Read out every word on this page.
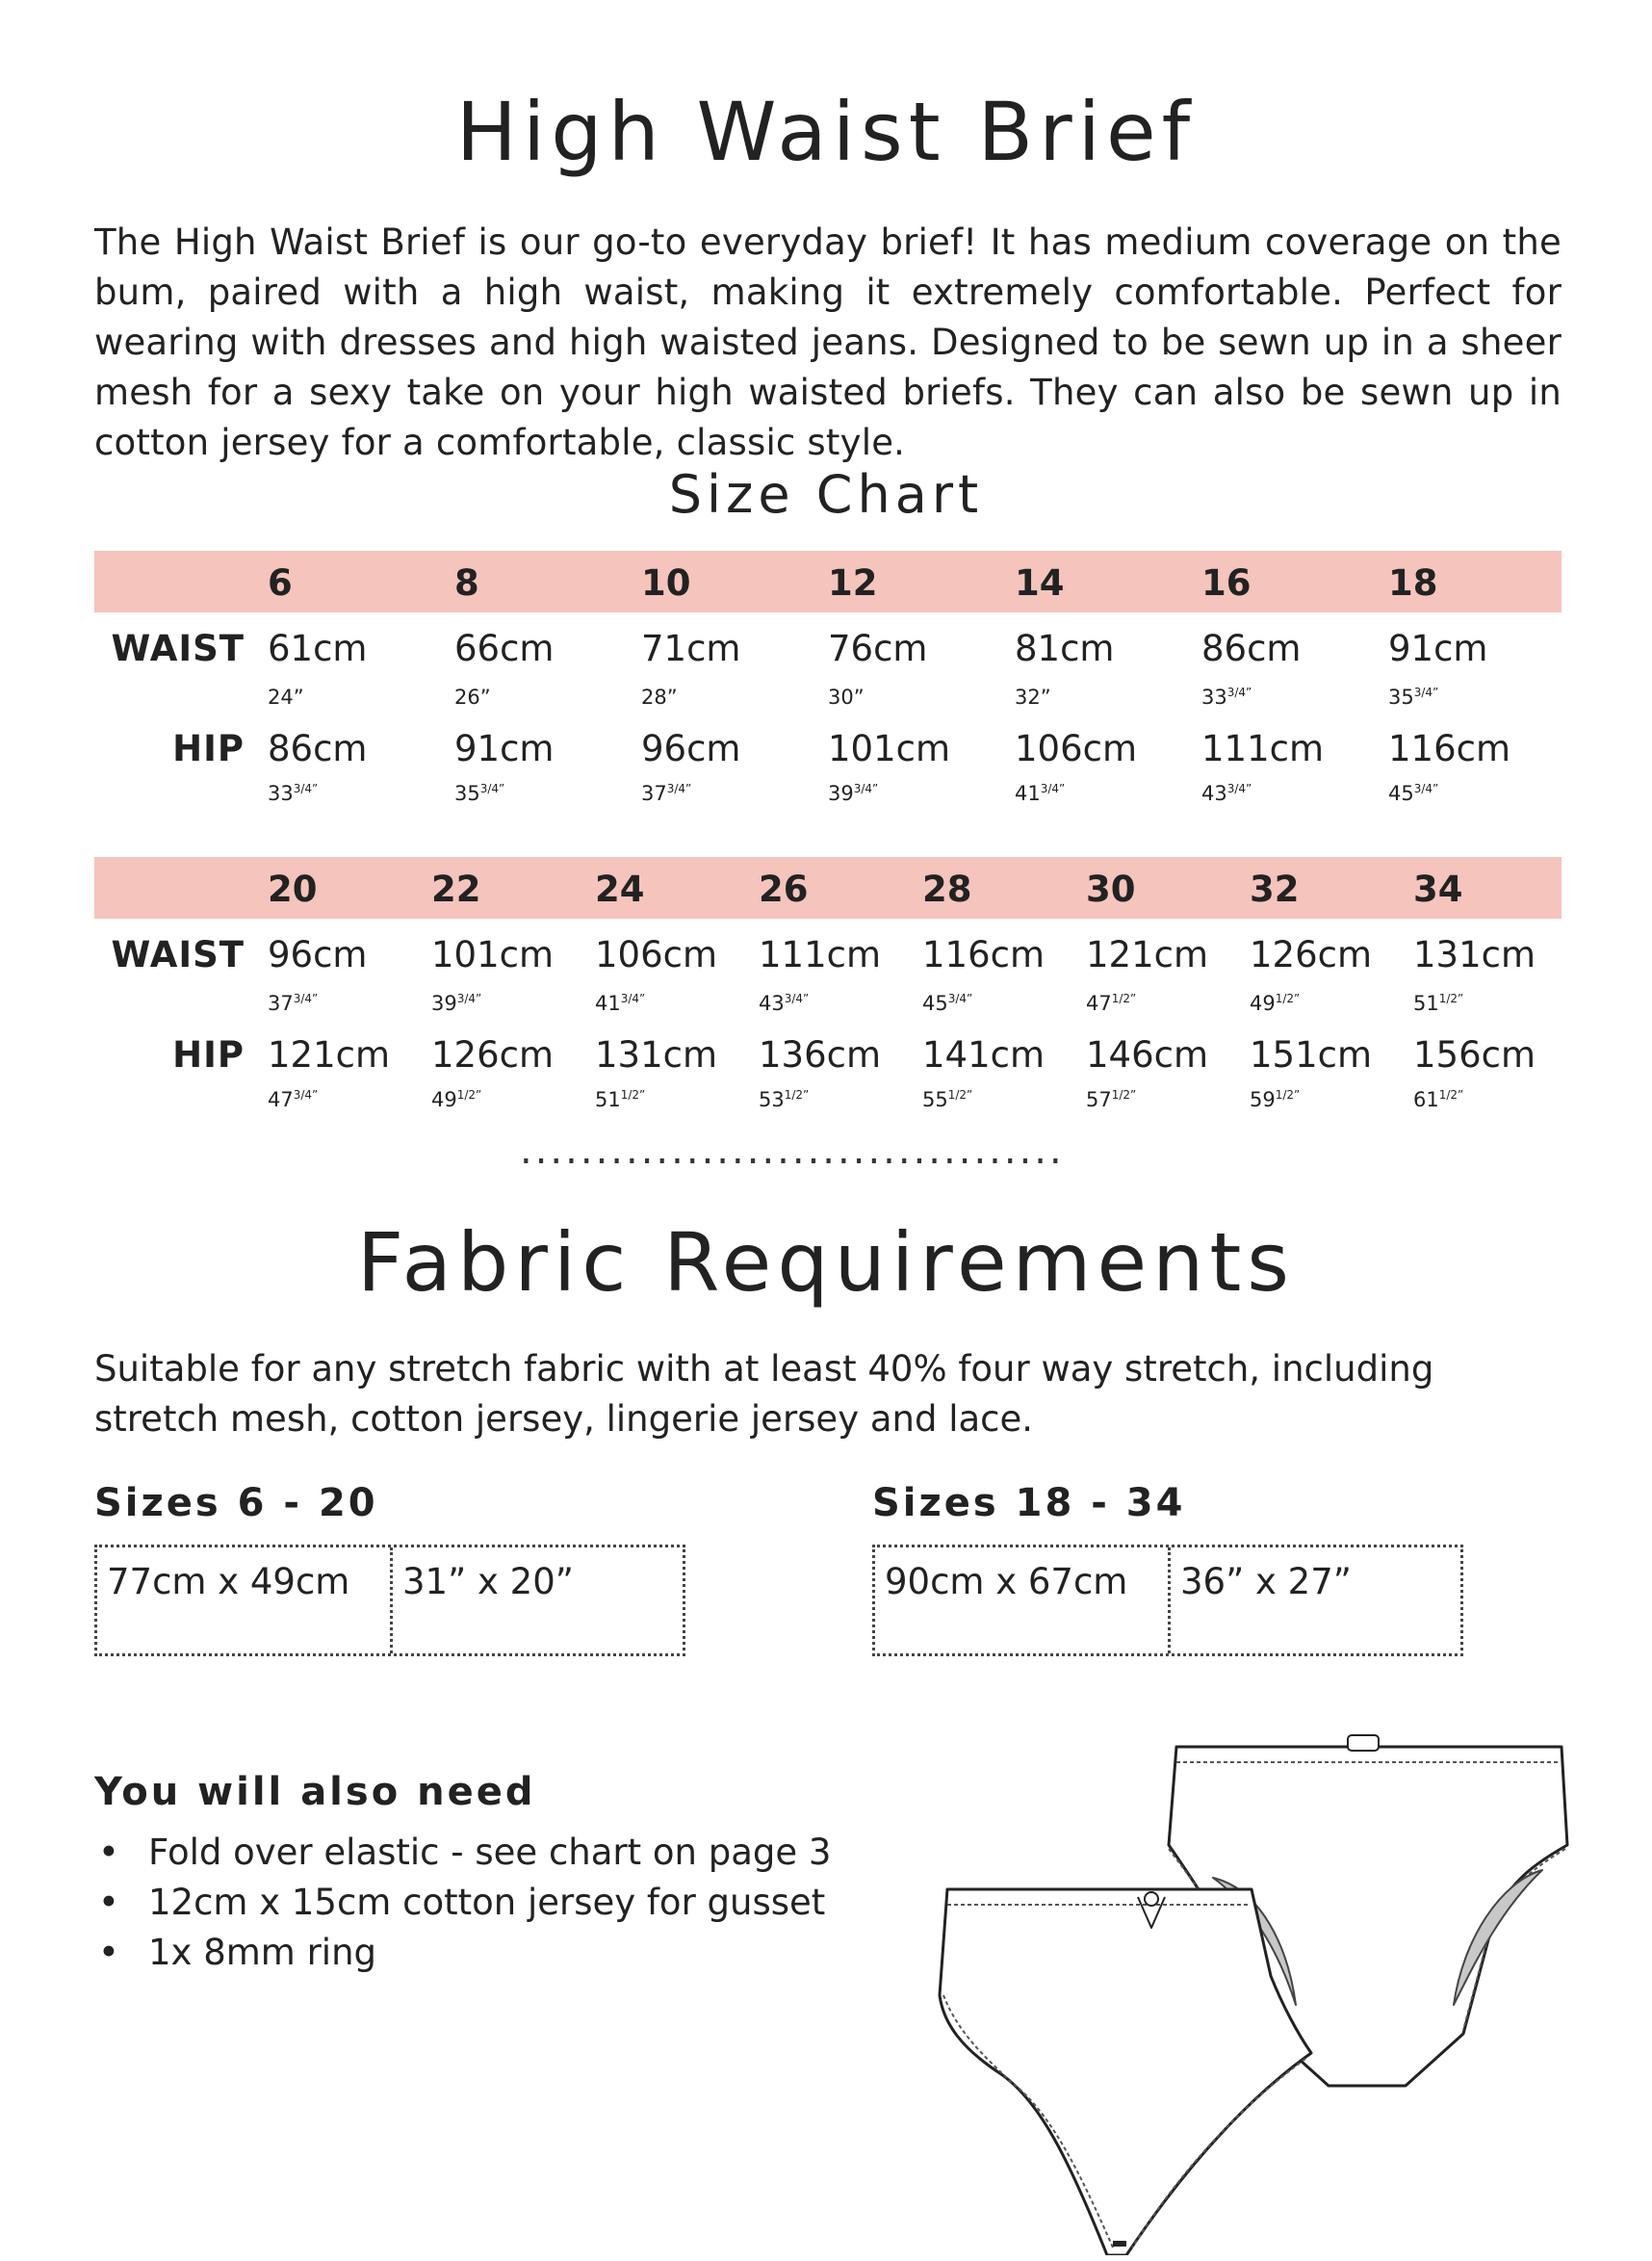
High Waist Brief
The High Waist Brief is our go-to everyday brief! It has medium coverage on the bum, paired with a high waist, making it extremely comfortable. Perfect for wearing with dresses and high waisted jeans. Designed to be sewn up in a sheer mesh for a sexy take on your high waisted briefs. They can also be sewn up in cotton jersey for a comfortable, classic style.
Size Chart
WAIST
HIP
6
61cm
86cm
24”
$33^{3/4”}$
8
66cm
91cm
26”
$35^{3/4”}$
10
71cm
96cm
28”
$37^{3/4”}$
12
76cm
101cm
30”
$39^{3/4”}$
14
81cm
106cm
32”
$41^{3/4”}$
16
86cm
111cm
$33^{3/4”}$
$43^{3/4”}$
18
91cm
116cm
$35^{3/4”}$
$45^{3/4”}$
WAIST
HIP
20
96cm
121cm
$37^{3/4”}$
$47^{3/4”}$
22
101cm
126cm
$39^{3/4”}$
$49^{1/2”}$
24
106cm
131cm
$41^{3/4”}$
$51^{1/2”}$
26
111cm
136cm
$43^{3/4”}$
$53^{1/2”}$
28
116cm
141cm
$45^{3/4”}$
$55^{1/2”}$
30
121cm
146cm
$47^{1/2”}$
$57^{1/2”}$
32
126cm
151cm
$49^{1/2”}$
$59^{1/2”}$
34
131cm
156cm
$51^{1/2”}$
$61^{1/2”}$
....................................
Fabric Requirements
Suitable for any stretch fabric with at least 40% four way stretch, including stretch mesh, cotton jersey, lingerie jersey and lace.
Sizes 6 - 20
77cm x 49cm	31” x 20”
Sizes 18 - 34
90cm x 67cm	36” x 27”
You will also need
• Fold over elastic - see chart on page 3
• 12cm x 15cm cotton jersey for gusset
• 1x 8mm ring
